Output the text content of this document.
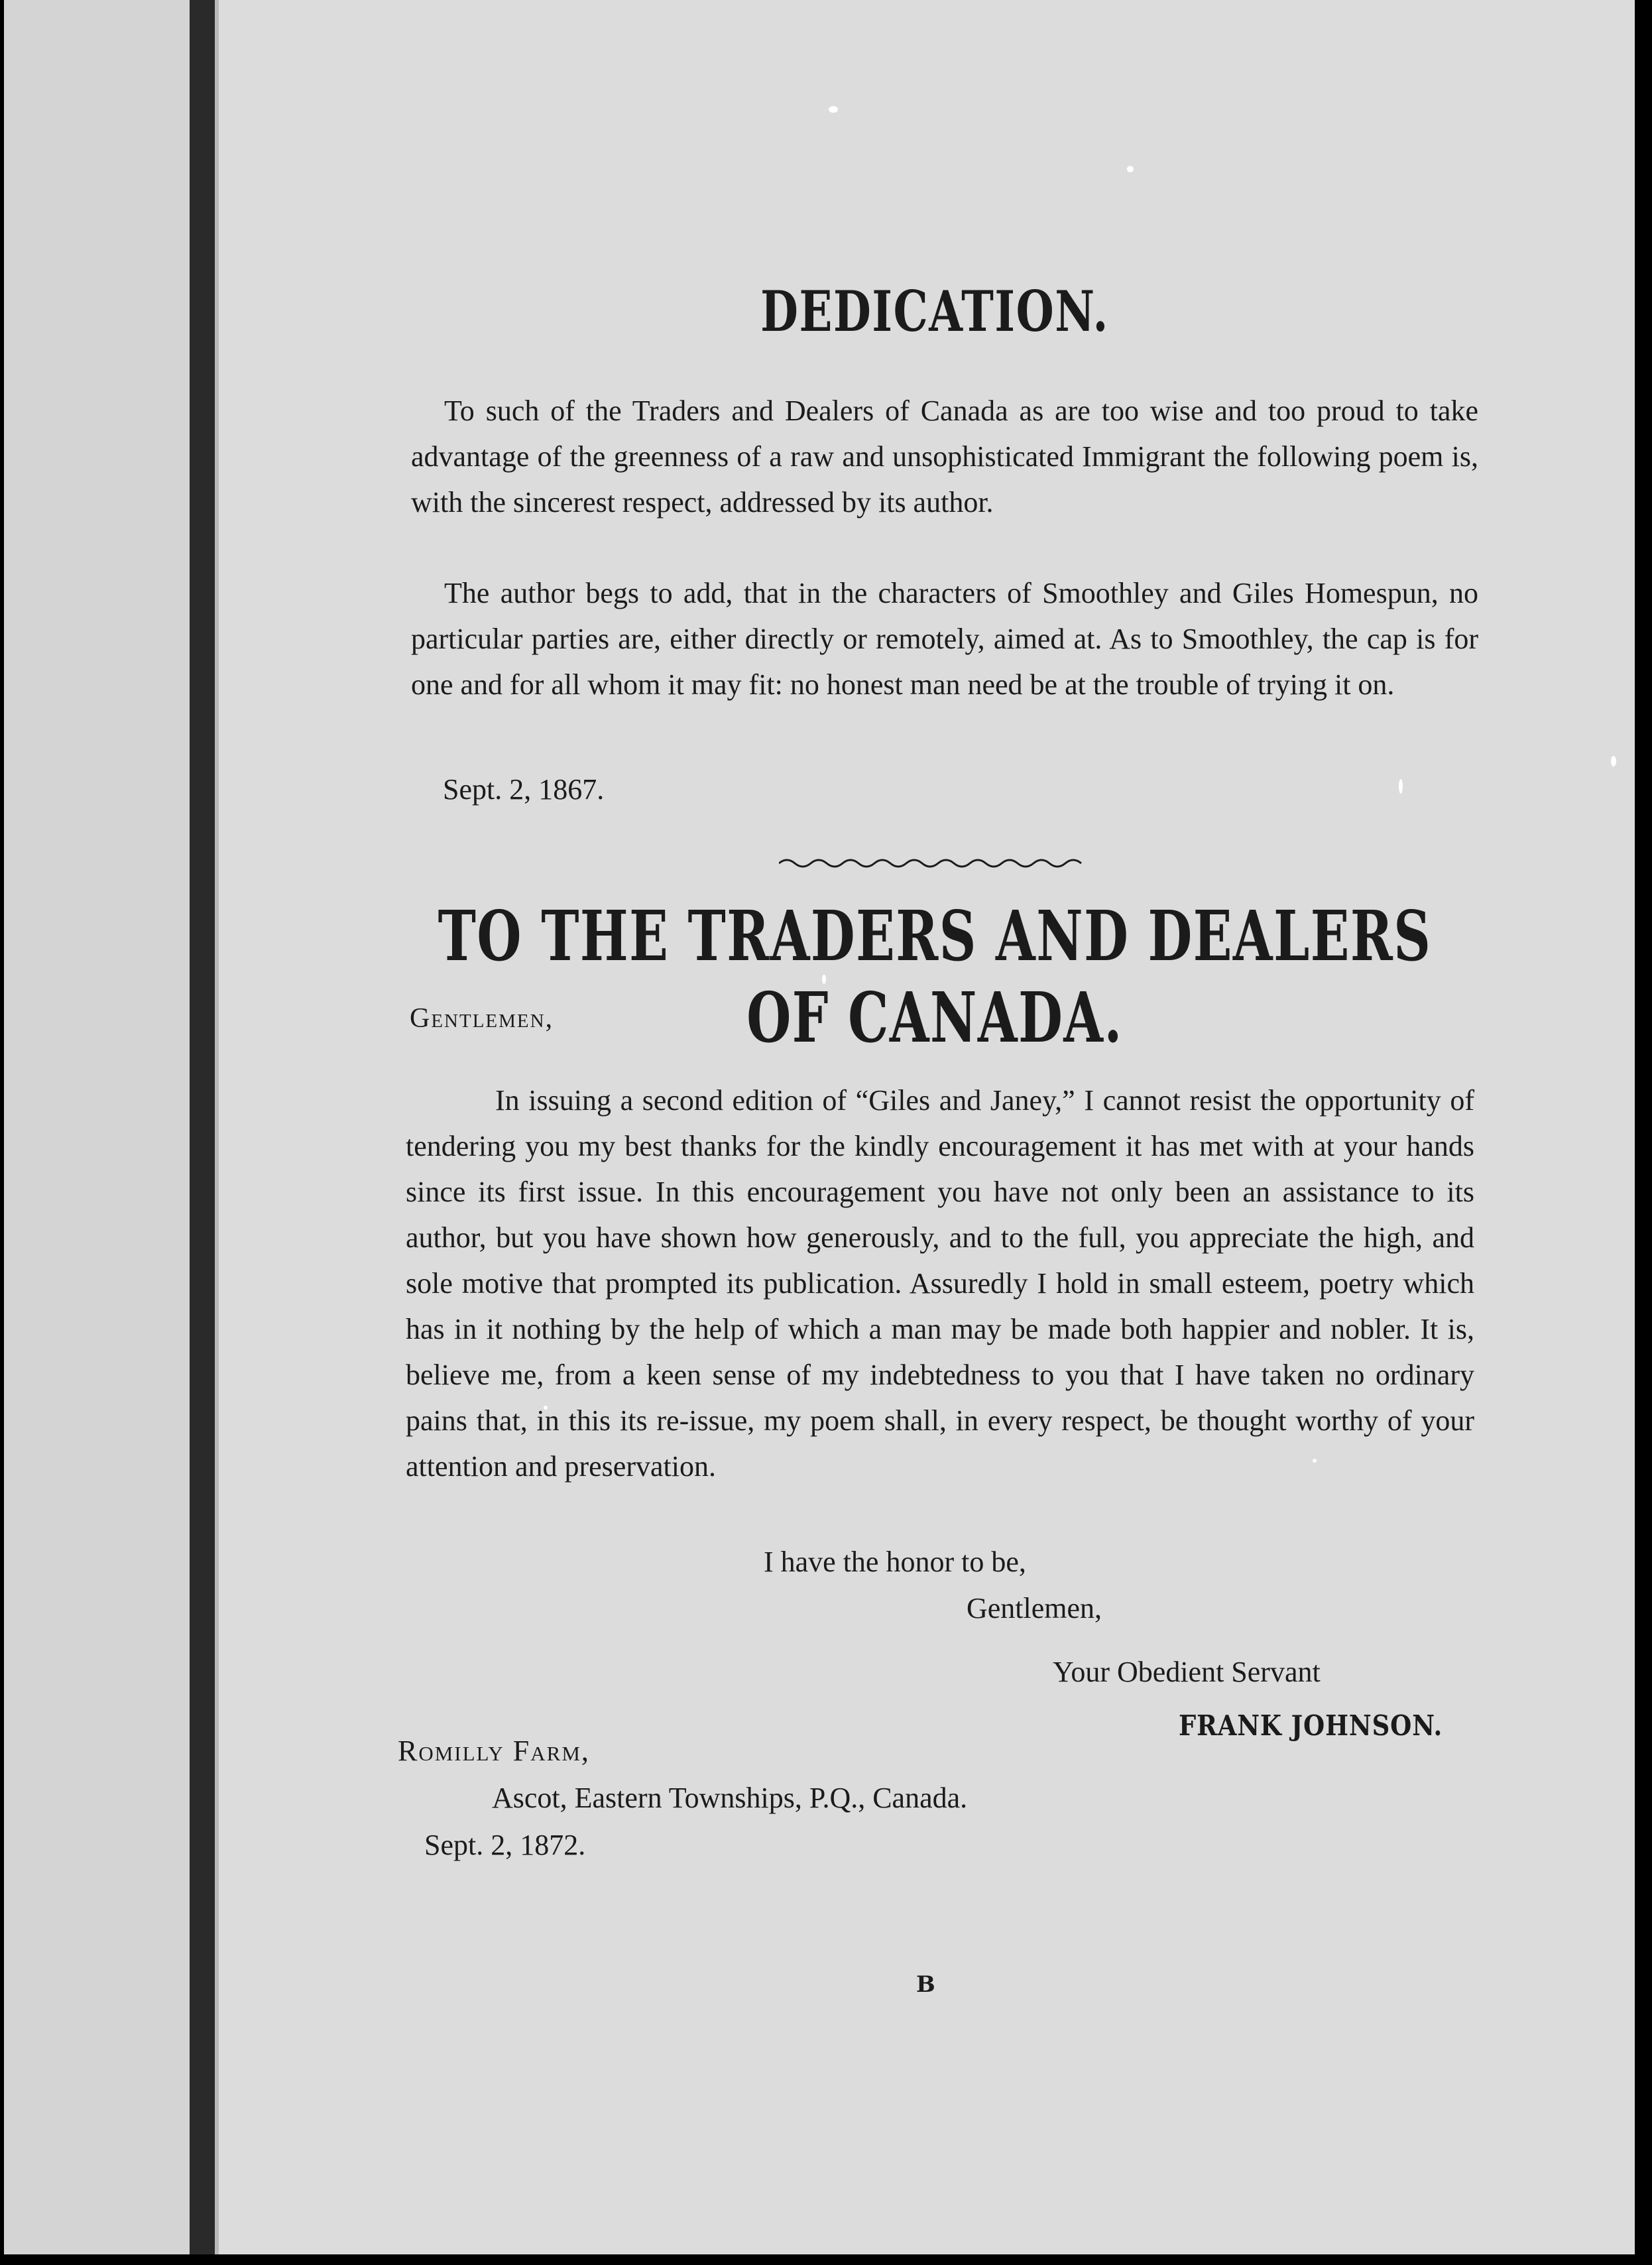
DEDICATION.
To such of the Traders and Dealers of Canada as are too wise and too proud to take advantage of the greenness of a raw and unsophisticated Immigrant the following poem is, with the sincerest respect, addressed by its author.
The author begs to add, that in the characters of Smoothley and Giles Homespun, no particular parties are, either directly or remotely, aimed at. As to Smoothley, the cap is for one and for all whom it may fit: no honest man need be at the trouble of trying it on.
Sept. 2, 1867.
TO THE TRADERS AND DEALERS OF CANADA.
Gentlemen,
In issuing a second edition of “Giles and Janey,” I cannot resist the opportunity of tendering you my best thanks for the kindly encouragement it has met with at your hands since its first issue. In this encouragement you have not only been an assistance to its author, but you have shown how generously, and to the full, you appreciate the high, and sole motive that prompted its publication. Assuredly I hold in small esteem, poetry which has in it nothing by the help of which a man may be made both happier and nobler. It is, believe me, from a keen sense of my indebtedness to you that I have taken no ordinary pains that, in this its re-issue, my poem shall, in every respect, be thought worthy of your attention and preservation.
I have the honor to be,
Gentlemen,
Your Obedient Servant
FRANK JOHNSON.
Romilly Farm,
Ascot, Eastern Townships, P.Q., Canada.
Sept. 2, 1872.
B
